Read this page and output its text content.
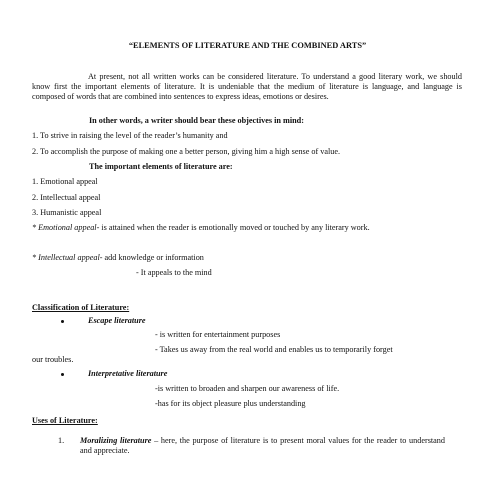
“ELEMENTS OF LITERATURE AND THE COMBINED ARTS”

At present, not all written works can be considered literature. To understand a good literary work, we should know first the important elements of literature. It is undeniable that the medium of literature is language, and language is composed of words that are combined into sentences to express ideas, emotions or desires.

In other words, a writer should bear these objectives in mind:
1. To strive in raising the level of the reader’s humanity and
2. To accomplish the purpose of making one a better person, giving him a high sense of value.
The important elements of literature are:
1. Emotional appeal
2. Intellectual appeal
3. Humanistic appeal
* Emotional appeal- is attained when the reader is emotionally moved or touched by any literary work.
* Intellectual appeal- add knowledge or information
- It appeals to the mind
Classification of Literature:
Escape literature
- is written for entertainment purposes
- Takes us away from the real world and enables us to temporarily forget
our troubles.
Interpretative literature
-is written to broaden and sharpen our awareness of life.
-has for its object pleasure plus understanding
Uses of Literature:
1. Moralizing literature – here, the purpose of literature is to present moral values for the reader to understand and appreciate.
